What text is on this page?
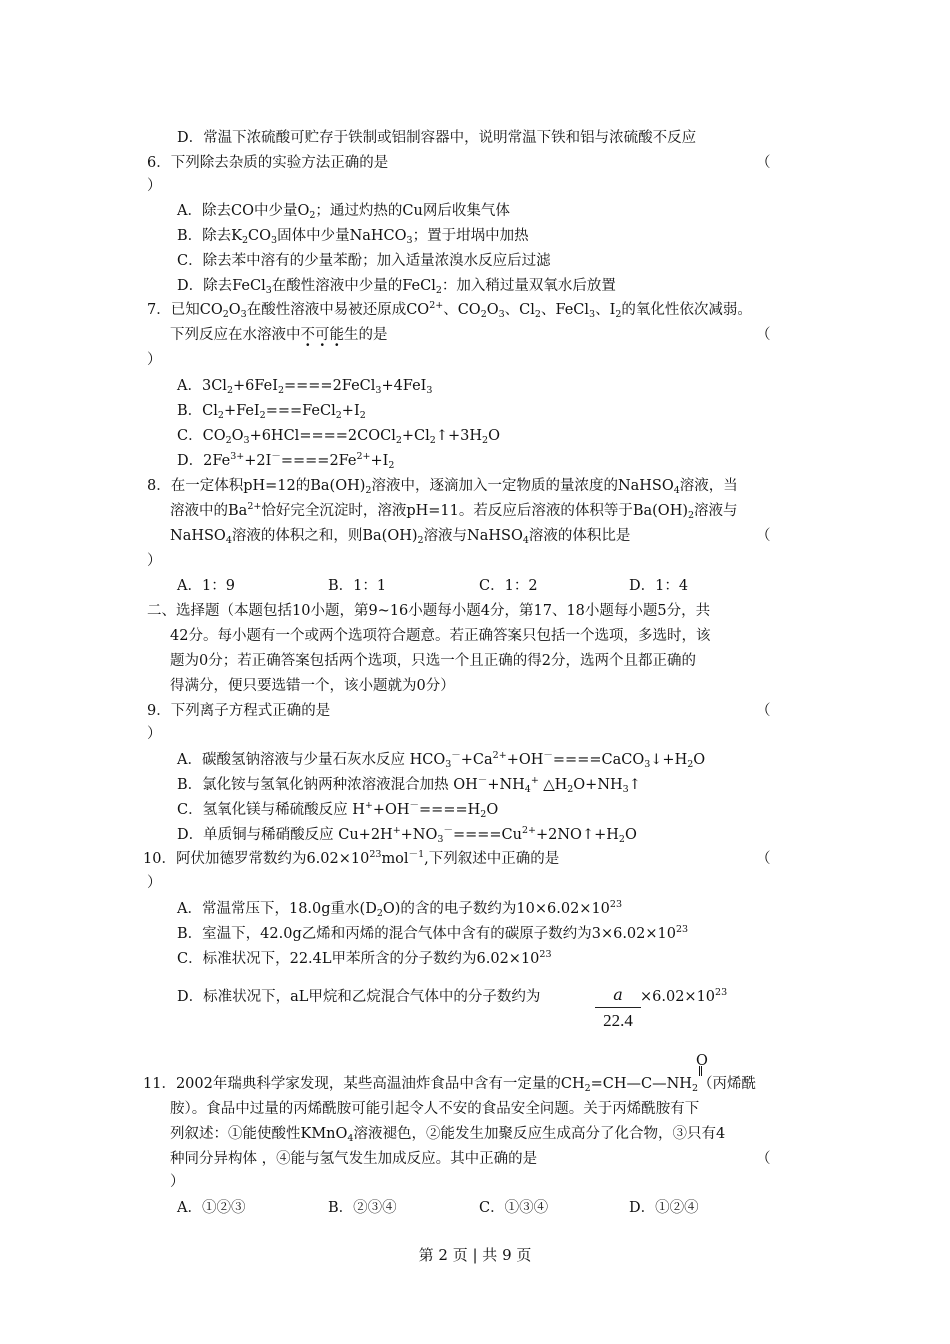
D．常温下浓硫酸可贮存于铁制或铝制容器中，说明常温下铁和铝与浓硫酸不反应
6．下列除去杂质的实验方法正确的是
A．除去CO中少量$O_2$；通过灼热的Cu网后收集气体
B．除去$K_2CO_3$固体中少量NaHCO$_3$；置于坩埚中加热
C．除去苯中溶有的少量苯酚；加入适量浓溴水反应后过滤
D．除去FeCl$_3$在酸性溶液中少量的FeCl$_2$：加入稍过量双氧水后放置
7．已知$CO_2O_3$在酸性溶液中易被还原成$CO^{2+}$、$CO_2O_3$、$Cl_2$、FeCl$_3$、$I_2$的氧化性依次减弱。
下列反应在水溶液中不可能生的是
A．$3Cl_2+6FeI_2====2FeCl_3+4FeI_3$
B．$Cl_2+FeI_2===FeCl_2+I_2$
C．$CO_2O_3+6HCl====2COCl_2+Cl_2↑+3H_2O$
D．$2Fe^{3+}+2I^-====2Fe^{2+}+I_2$
8．在一定体积pH=12的$Ba(OH)_2$溶液中，逐滴加入一定物质的量浓度的NaHSO$_4$溶液，当
溶液中的$Ba^{2+}$恰好完全沉淀时，溶液pH=11。若反应后溶液的体积等于$Ba(OH)_2$溶液与
NaHSO$_4$溶液的体积之和，则$Ba(OH)_2$溶液与NaHSO$_4$溶液的体积比是
A．1：9	B．1：1	C．1：2	D．1：4
二、选择题（本题包括10小题，第9~16小题每小题4分，第17、18小题每小题5分，共
42分。每小题有一个或两个选项符合题意。若正确答案只包括一个选项，多选时，该
题为0分；若正确答案包括两个选项，只选一个且正确的得2分，选两个且都正确的
得满分，便只要选错一个，该小题就为0分）
9．下列离子方程式正确的是
A．碳酸氢钠溶液与少量石灰水反应 $HCO_3^-+Ca^{2+}+OH^-====CaCO_3↓+H_2O$
B．氯化铵与氢氧化钠两种浓溶液混合加热 $OH^-+NH_4^+$ $\triangle H_2O+NH_3↑$
C．氢氧化镁与稀硫酸反应 $H^++OH^-====H_2O$
D．单质铜与稀硝酸反应 $Cu+2H^++NO_3^-====Cu^{2+}+2NO↑+H_2O$
10．阿伏加德罗常数约为$6.02\times 10^{23}mol^{-1}$,下列叙述中正确的是
A．常温常压下，18.0g重水$(D_2O)$的含的电子数约为$10\times 6.02\times 10^{23}$
B．室温下，42.0g乙烯和丙烯的混合气体中含有的碳原子数约为$3\times 6.02\times 10^{23}$
C．标准状况下，22.4L甲苯所含的分子数约为$6.02\times 10^{23}$
D．标准状况下，aL甲烷和乙烷混合气体中的分子数约为	$\times 6.02\times 10^{23}$
11．2002年瑞典科学家发现，某些高温油炸食品中含有一定量的$CH_2=CH—C—NH_2$（丙烯酰
胺）。食品中过量的丙烯酰胺可能引起令人不安的食品安全问题。关于丙烯酰胺有下
列叙述：①能使酸性KMnO$_4$溶液褪色，②能发生加聚反应生成高分了化合物，③只有4
种同分异构体 ，④能与氢气发生加成反应。其中正确的是
A．①②③	B．②③④	C．①③④	D．①②④
（
）
（
）
（
）
（
）
（
）
（
）
O
a
22.4
第 2 页 | 共 9 页
